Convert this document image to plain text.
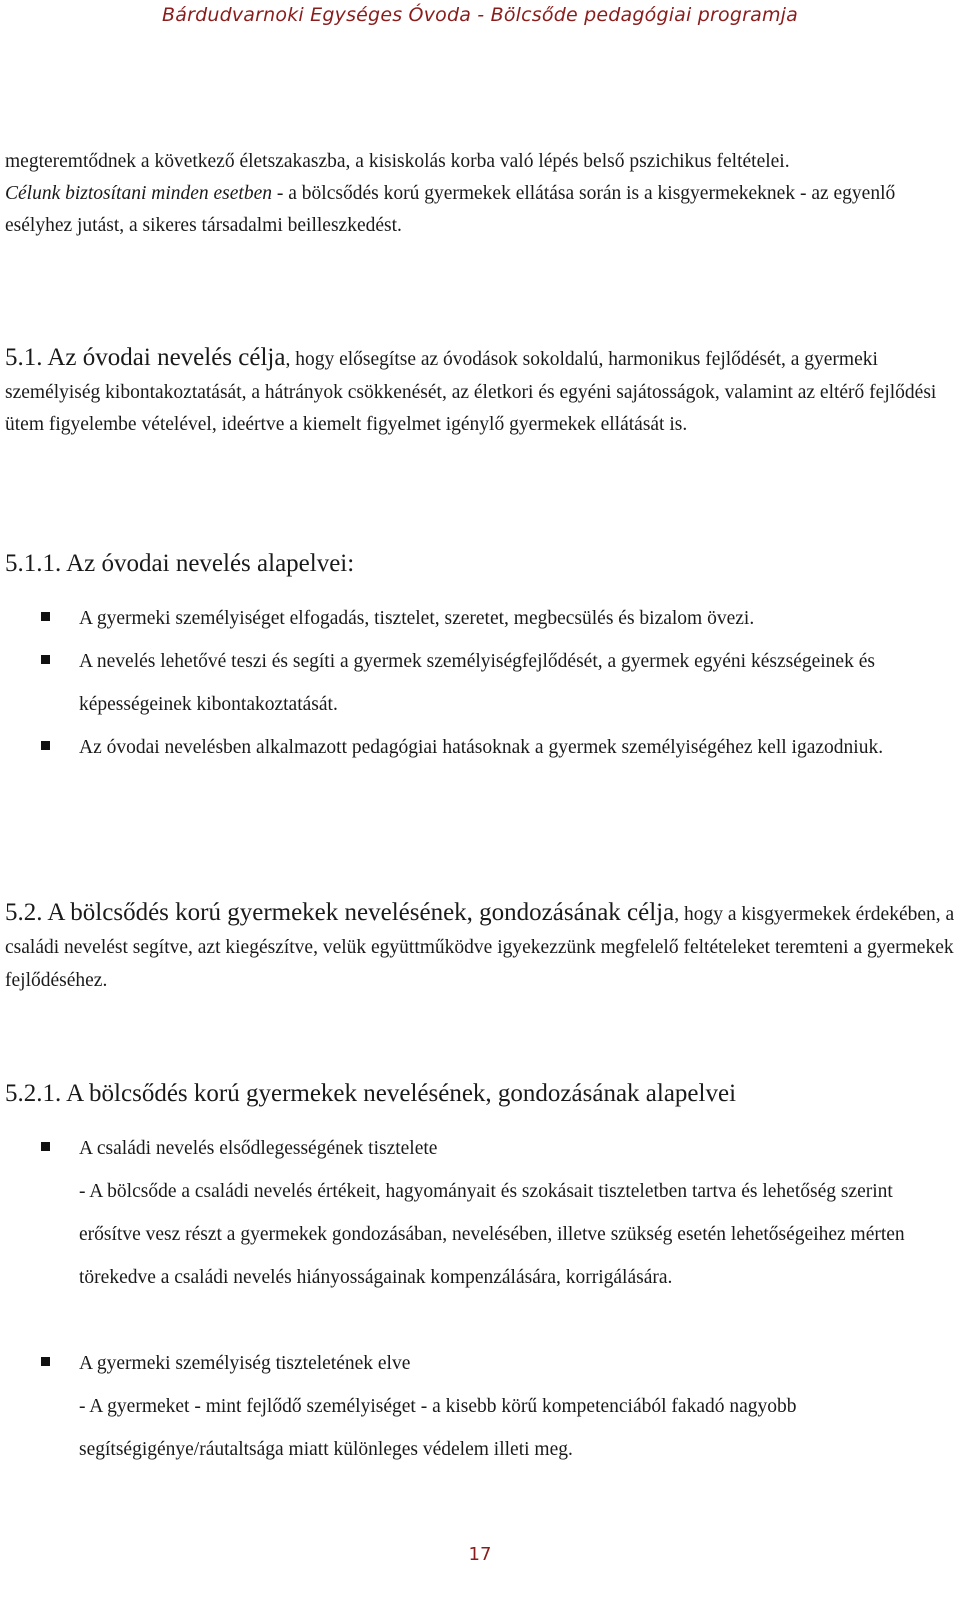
Bárdudvarnoki Egységes Óvoda - Bölcsőde pedagógiai programja
megteremtődnek a következő életszakaszba, a kisiskolás korba való lépés belső pszichikus feltételei.
Célunk biztosítani minden esetben - a bölcsődés korú gyermekek ellátása során is a kisgyermekeknek - az egyenlő esélyhez jutást, a sikeres társadalmi beilleszkedést.
5.1. Az óvodai nevelés célja, hogy elősegítse az óvodások sokoldalú, harmonikus fejlődését, a gyermeki személyiség kibontakoztatását, a hátrányok csökkenését, az életkori és egyéni sajátosságok, valamint az eltérő fejlődési ütem figyelembe vételével, ideértve a kiemelt figyelmet igénylő gyermekek ellátását is.
5.1.1. Az óvodai nevelés alapelvei:
A gyermeki személyiséget elfogadás, tisztelet, szeretet, megbecsülés és bizalom övezi.
A nevelés lehetővé teszi és segíti a gyermek személyiségfejlődését, a gyermek egyéni készségeinek és képességeinek kibontakoztatását.
Az óvodai nevelésben alkalmazott pedagógiai hatásoknak a gyermek személyiségéhez kell igazodniuk.
5.2. A bölcsődés korú gyermekek nevelésének, gondozásának célja, hogy a kisgyermekek érdekében, a családi nevelést segítve, azt kiegészítve, velük együttműködve igyekezzünk megfelelő feltételeket teremteni a gyermekek fejlődéséhez.
5.2.1. A bölcsődés korú gyermekek nevelésének, gondozásának alapelvei
A családi nevelés elsődlegességének tisztelete
- A bölcsőde a családi nevelés értékeit, hagyományait és szokásait tiszteletben tartva és lehetőség szerint erősítve vesz részt a gyermekek gondozásában, nevelésében, illetve szükség esetén lehetőségeihez mérten törekedve a családi nevelés hiányosságainak kompenzálására, korrigálására.
A gyermeki személyiség tiszteletének elve
- A gyermeket - mint fejlődő személyiséget - a kisebb körű kompetenciából fakadó nagyobb segítségigénye/ráutaltsága miatt különleges védelem illeti meg.
17
